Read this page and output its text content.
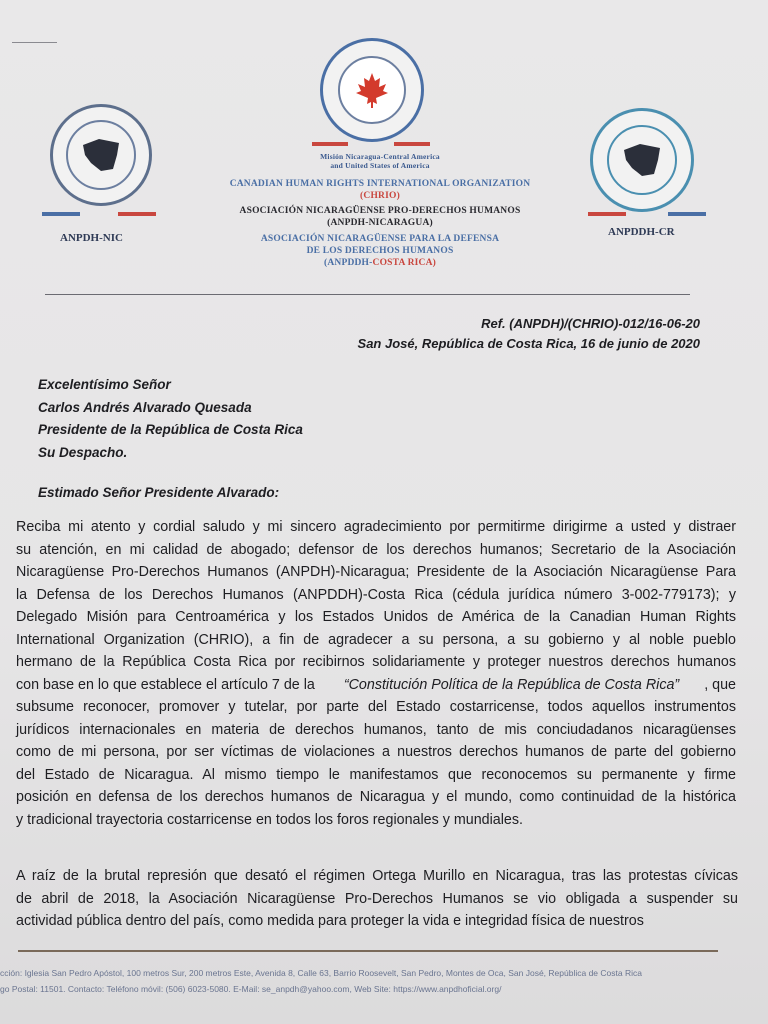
ANPDH-NIC
Misión Nicaragua-Central America
and United States of America
CANADIAN HUMAN RIGHTS INTERNATIONAL ORGANIZATION
(CHRIO)
ASOCIACIÓN NICARAGÜENSE PRO-DERECHOS HUMANOS
(ANPDH-NICARAGUA)
ASOCIACIÓN NICARAGÜENSE PARA LA DEFENSA
DE LOS DERECHOS HUMANOS
(ANPDDH-COSTA RICA)
ANPDDH-CR
Ref. (ANPDH)/(CHRIO)-012/16-06-20
San José, República de Costa Rica, 16 de junio de 2020
Excelentísimo Señor
Carlos Andrés Alvarado Quesada
Presidente de la República de Costa Rica
Su Despacho.
Estimado Señor Presidente Alvarado:
Reciba mi atento y cordial saludo y mi sincero agradecimiento por permitirme dirigirme a usted y distraer
su atención, en mi calidad de abogado; defensor de los derechos humanos; Secretario de la Asociación
Nicaragüense Pro-Derechos Humanos (ANPDH)-Nicaragua; Presidente de la Asociación Nicaragüense Para
la Defensa de los Derechos Humanos (ANPDDH)-Costa Rica (cédula jurídica número 3-002-779173); y
Delegado Misión para Centroamérica y los Estados Unidos de América de la Canadian Human Rights
International Organization (CHRIO), a fin de agradecer a su persona, a su gobierno y al noble pueblo
hermano de la República Costa Rica por recibirnos solidariamente y proteger nuestros derechos humanos
con base en lo que establece el artículo 7 de la “Constitución Política de la República de Costa Rica” , que
subsume reconocer, promover y tutelar, por parte del Estado costarricense, todos aquellos instrumentos
jurídicos internacionales en materia de derechos humanos, tanto de mis conciudadanos nicaragüenses
como de mi persona, por ser víctimas de violaciones a nuestros derechos humanos de parte del gobierno
del Estado de Nicaragua. Al mismo tiempo le manifestamos que reconocemos su permanente y firme
posición en defensa de los derechos humanos de Nicaragua y el mundo, como continuidad de la histórica
y tradicional trayectoria costarricense en todos los foros regionales y mundiales.
A raíz de la brutal represión que desató el régimen Ortega Murillo en Nicaragua, tras las protestas cívicas
de abril de 2018, la Asociación Nicaragüense Pro-Derechos Humanos se vio obligada a suspender su
actividad pública dentro del país, como medida para proteger la vida e integridad física de nuestros
cción: Iglesia San Pedro Apóstol, 100 metros Sur, 200 metros Este, Avenida 8, Calle 63, Barrio Roosevelt, San Pedro, Montes de Oca, San José, República de Costa Rica
go Postal: 11501. Contacto: Teléfono móvil: (506) 6023-5080. E-Mail: se_anpdh@yahoo.com, Web Site: https://www.anpdhoficial.org/
